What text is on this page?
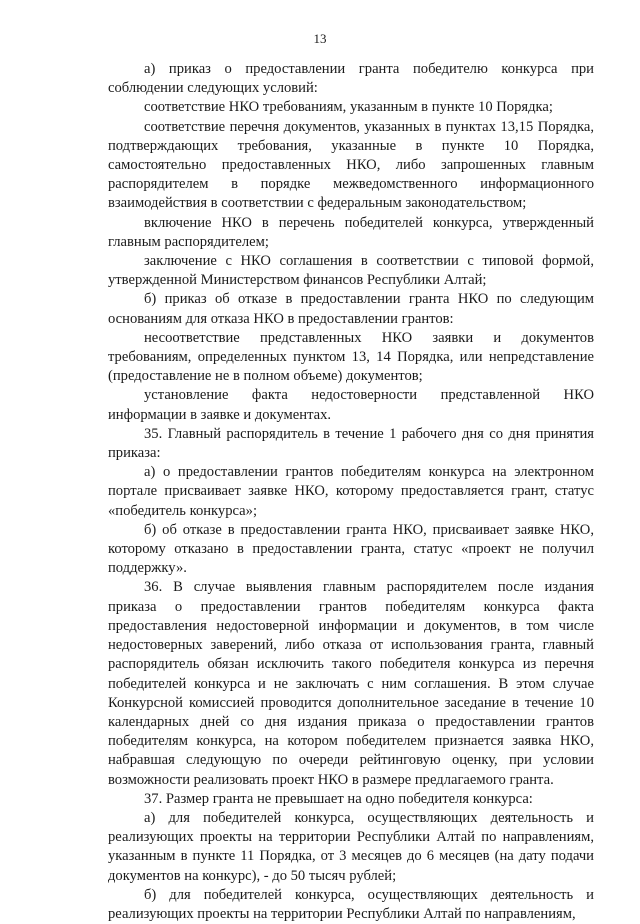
13

а) приказ о предоставлении гранта победителю конкурса при соблюдении следующих условий:

соответствие НКО требованиям, указанным в пункте 10 Порядка;

соответствие перечня документов, указанных в пунктах 13,15 Порядка, подтверждающих требования, указанные в пункте 10 Порядка, самостоятельно предоставленных НКО, либо запрошенных главным распорядителем в порядке межведомственного информационного взаимодействия в соответствии с федеральным законодательством;

включение НКО в перечень победителей конкурса, утвержденный главным распорядителем;

заключение с НКО соглашения в соответствии с типовой формой, утвержденной Министерством финансов Республики Алтай;

б) приказ об отказе в предоставлении гранта НКО по следующим основаниям для отказа НКО в предоставлении грантов:

несоответствие представленных НКО заявки и документов требованиям, определенных пунктом 13, 14 Порядка, или непредставление (предоставление не в полном объеме) документов;

установление факта недостоверности представленной НКО информации в заявке и документах.

35. Главный распорядитель в течение 1 рабочего дня со дня принятия приказа:

а) о предоставлении грантов победителям конкурса на электронном портале присваивает заявке НКО, которому предоставляется грант, статус «победитель конкурса»;

б) об отказе в предоставлении гранта НКО, присваивает заявке НКО, которому отказано в предоставлении гранта, статус «проект не получил поддержку».

36. В случае выявления главным распорядителем после издания приказа о предоставлении грантов победителям конкурса факта предоставления недостоверной информации и документов, в том числе недостоверных заверений, либо отказа от использования гранта, главный распорядитель обязан исключить такого победителя конкурса из перечня победителей конкурса и не заключать с ним соглашения. В этом случае Конкурсной комиссией проводится дополнительное заседание в течение 10 календарных дней со дня издания приказа о предоставлении грантов победителям конкурса, на котором победителем признается заявка НКО, набравшая следующую по очереди рейтинговую оценку, при условии возможности реализовать проект НКО в размере предлагаемого гранта.

37. Размер гранта не превышает на одно победителя конкурса:

а) для победителей конкурса, осуществляющих деятельность и реализующих проекты на территории Республики Алтай по направлениям, указанным в пункте 11 Порядка, от 3 месяцев до 6 месяцев (на дату подачи документов на конкурс), - до 50 тысяч рублей;

б) для победителей конкурса, осуществляющих деятельность и реализующих проекты на территории Республики Алтай по направлениям,
